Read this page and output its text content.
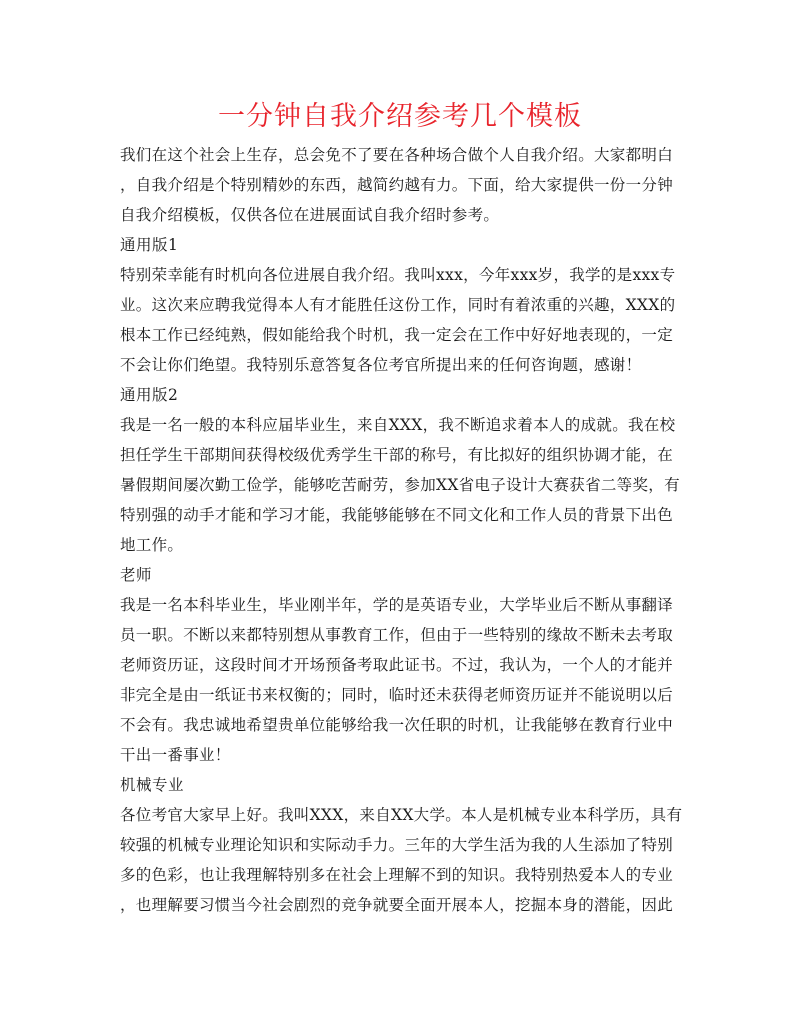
一分钟自我介绍参考几个模板
我们在这个社会上生存，总会免不了要在各种场合做个人自我介绍。大家都明白
，自我介绍是个特别精妙的东西，越简约越有力。下面，给大家提供一份一分钟
自我介绍模板，仅供各位在进展面试自我介绍时参考。
通用版1
特别荣幸能有时机向各位进展自我介绍。我叫xxx，今年xxx岁，我学的是xxx专
业。这次来应聘我觉得本人有才能胜任这份工作，同时有着浓重的兴趣，XXX的
根本工作已经纯熟，假如能给我个时机，我一定会在工作中好好地表现的，一定
不会让你们绝望。我特别乐意答复各位考官所提出来的任何咨询题，感谢！
通用版2
我是一名一般的本科应届毕业生，来自XXX，我不断追求着本人的成就。我在校
担任学生干部期间获得校级优秀学生干部的称号，有比拟好的组织协调才能，在
暑假期间屡次勤工俭学，能够吃苦耐劳，参加XX省电子设计大赛获省二等奖，有
特别强的动手才能和学习才能，我能够能够在不同文化和工作人员的背景下出色
地工作。
老师
我是一名本科毕业生，毕业刚半年，学的是英语专业，大学毕业后不断从事翻译
员一职。不断以来都特别想从事教育工作，但由于一些特别的缘故不断未去考取
老师资历证，这段时间才开场预备考取此证书。不过，我认为，一个人的才能并
非完全是由一纸证书来权衡的；同时，临时还未获得老师资历证并不能说明以后
不会有。我忠诚地希望贵单位能够给我一次任职的时机，让我能够在教育行业中
干出一番事业！
机械专业
各位考官大家早上好。我叫XXX，来自XX大学。本人是机械专业本科学历，具有
较强的机械专业理论知识和实际动手力。三年的大学生活为我的人生添加了特别
多的色彩，也让我理解特别多在社会上理解不到的知识。我特别热爱本人的专业
，也理解要习惯当今社会剧烈的竞争就要全面开展本人，挖掘本身的潜能，因此
